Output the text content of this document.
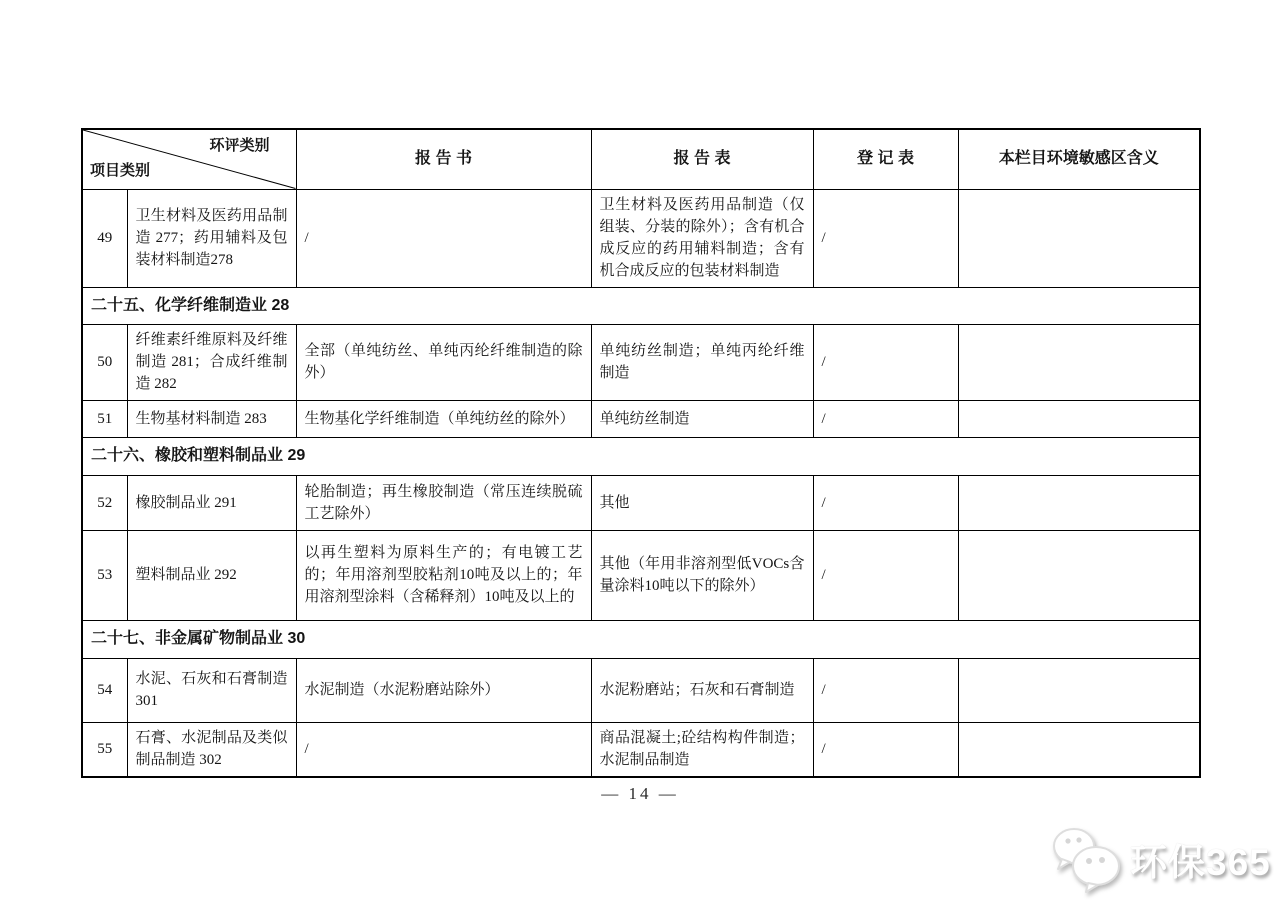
环评类别
项目类别		报 告 书	报 告 表	登 记 表	本栏目环境敏感区含义
49	卫生材料及医药用品制造 277；药用辅料及包装材料制造278	/	卫生材料及医药用品制造（仅组装、分装的除外）；含有机合成反应的药用辅料制造；含有机合成反应的包装材料制造	/	
二十五、化学纤维制造业 28					
50	纤维素纤维原料及纤维制造 281；合成纤维制造 282	全部（单纯纺丝、单纯丙纶纤维制造的除外）	单纯纺丝制造；单纯丙纶纤维制造	/	
51	生物基材料制造 283	生物基化学纤维制造（单纯纺丝的除外）	单纯纺丝制造	/	
二十六、橡胶和塑料制品业 29					
52	橡胶制品业 291	轮胎制造；再生橡胶制造（常压连续脱硫工艺除外）	其他	/	
53	塑料制品业 292	以再生塑料为原料生产的；有电镀工艺的；年用溶剂型胶粘剂10吨及以上的；年用溶剂型涂料（含稀释剂）10吨及以上的	其他（年用非溶剂型低VOCs含量涂料10吨以下的除外）	/	
二十七、非金属矿物制品业 30					
54	水泥、石灰和石膏制造 301	水泥制造（水泥粉磨站除外）	水泥粉磨站；石灰和石膏制造	/	
55	石膏、水泥制品及类似制品制造 302	/	商品混凝土;砼结构构件制造；水泥制品制造	/	
— 14 —
环保365
